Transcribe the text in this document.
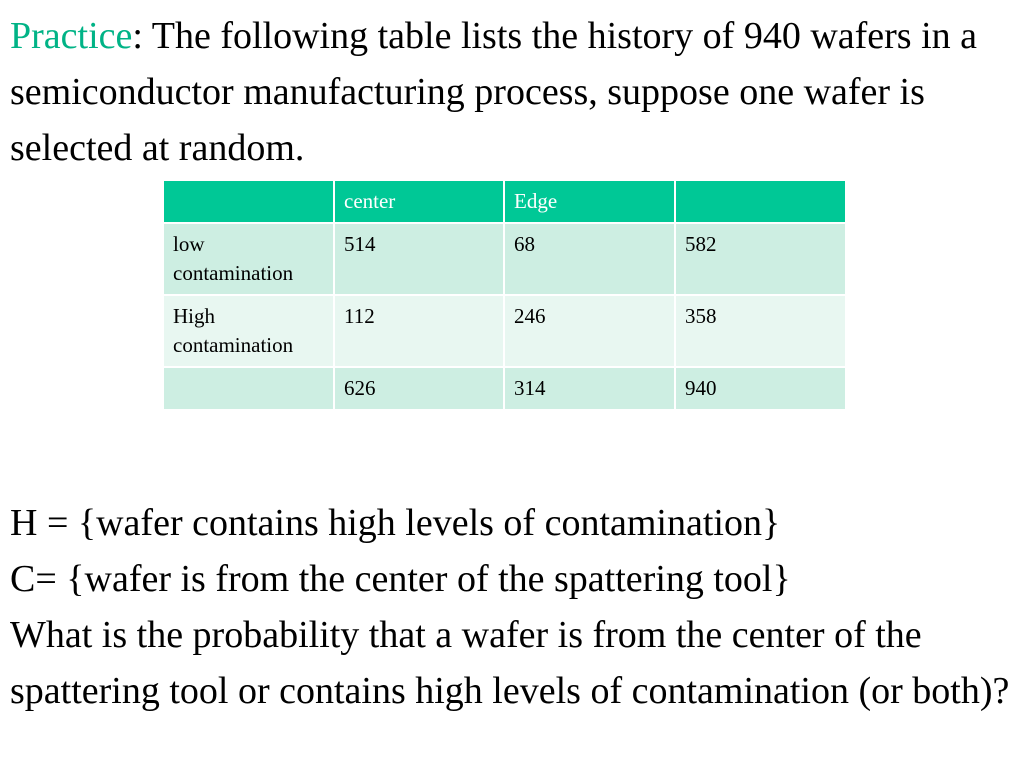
Practice: The following table lists the history of 940 wafers in a semiconductor manufacturing process, suppose one wafer is selected at random.

	center	Edge	
low contamination	514	68	582
High contamination	112	246	358
	626	314	940
H = {wafer contains high levels of contamination}
C= {wafer is from the center of the spattering tool}
What is the probability that a wafer is from the center of the spattering tool or contains high levels of contamination (or both)?
